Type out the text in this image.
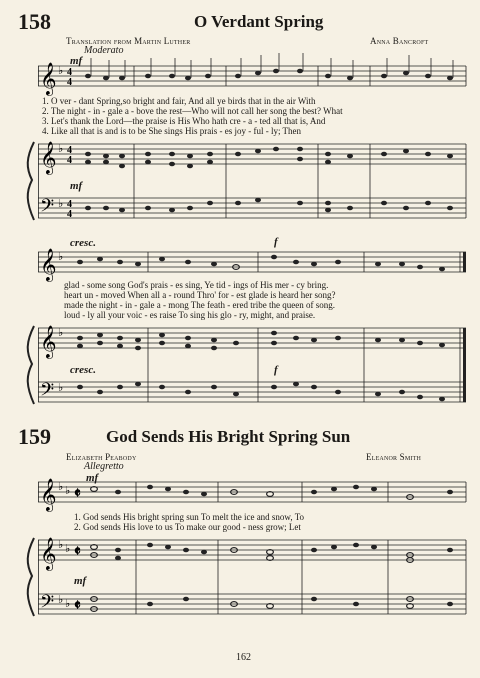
158	O Verdant Spring
Translation from Martin Luther	Anna Bancroft
Moderato
mf
𝄞 ♭ 4
4
1. O ver - dant Spring,so bright and fair, And all ye birds that in the air With
2. The night - in - gale a - bove the rest—Who will not call her song the best? What
3. Let's thank the Lord—the praise is His Who hath cre - a - ted all that is, And
4. Like all that is and is to be She sings His prais - es joy - ful - ly; Then
𝄞
𝄢
♭
♭
4
4
4
4
mf
cresc.	f
𝄞 ♭
glad - some song God's prais - es sing, Ye tid - ings of His mer - cy bring.
heart un - moved When all a - round Thro' for - est glade is heard her song?
made the night - in - gale a - mong The feath - ered tribe the queen of song.
loud - ly all your voic - es raise To sing his glo - ry, might, and praise.
𝄞
𝄢
♭
♭
cresc.	f
159	God Sends His Bright Spring Sun
Elizabeth Peabody	Eleanor Smith
Allegretto
mf
𝄞 ♭ ♭ 𝄵
1. God sends His bright spring sun To melt the ice and snow, To
2. God sends His love to us To make our good - ness grow; Let
𝄞
𝄢
♭ ♭
♭ ♭
𝄵
𝄵
mf
162
